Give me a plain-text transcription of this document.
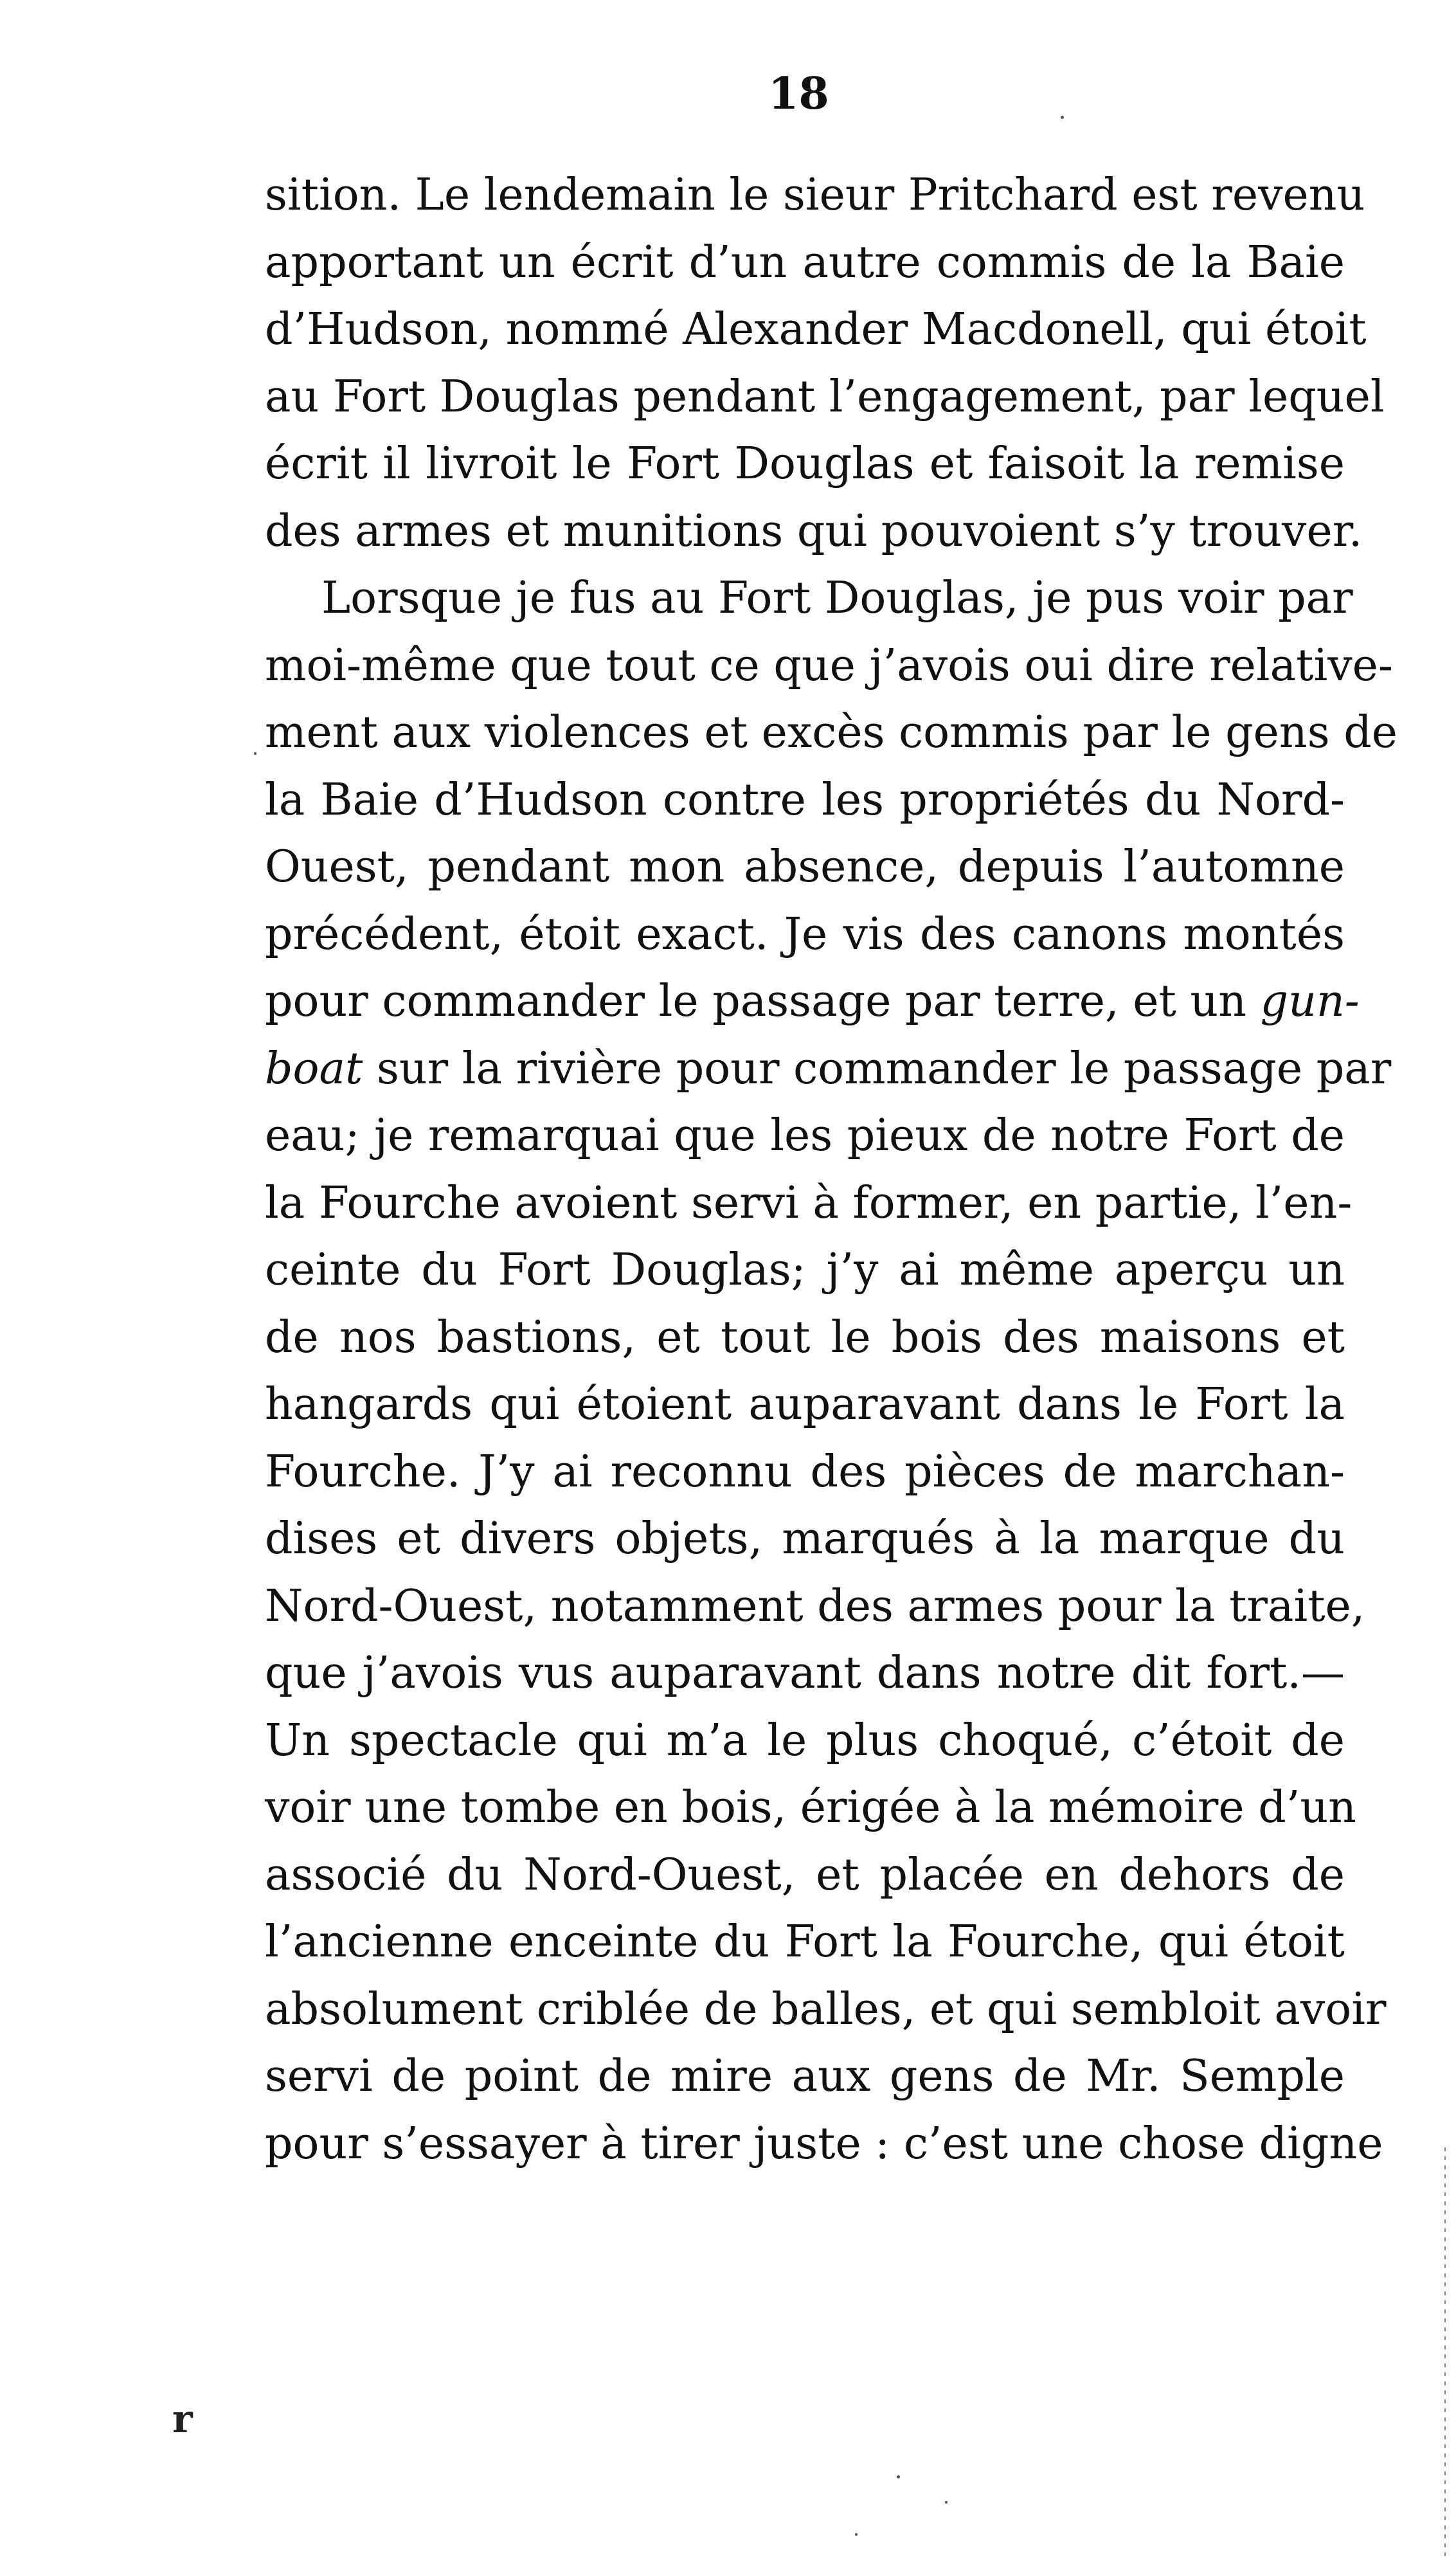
18
sition. Le lendemain le sieur Pritchard est revenu
apportant un écrit d’un autre commis de la Baie
d’Hudson, nommé Alexander Macdonell, qui étoit
au Fort Douglas pendant l’engagement, par lequel
écrit il livroit le Fort Douglas et faisoit la remise
des armes et munitions qui pouvoient s’y trouver.
Lorsque je fus au Fort Douglas, je pus voir par
moi-même que tout ce que j’avois oui dire relative-
ment aux violences et excès commis par le gens de
la Baie d’Hudson contre les propriétés du Nord-
Ouest, pendant mon absence, depuis l’automne
précédent, étoit exact. Je vis des canons montés
pour commander le passage par terre, et un gun-
boat sur la rivière pour commander le passage par
eau; je remarquai que les pieux de notre Fort de
la Fourche avoient servi à former, en partie, l’en-
ceinte du Fort Douglas; j’y ai même aperçu un
de nos bastions, et tout le bois des maisons et
hangards qui étoient auparavant dans le Fort la
Fourche. J’y ai reconnu des pièces de marchan-
dises et divers objets, marqués à la marque du
Nord-Ouest, notamment des armes pour la traite,
que j’avois vus auparavant dans notre dit fort.—
Un spectacle qui m’a le plus choqué, c’étoit de
voir une tombe en bois, érigée à la mémoire d’un
associé du Nord-Ouest, et placée en dehors de
l’ancienne enceinte du Fort la Fourche, qui étoit
absolument criblée de balles, et qui sembloit avoir
servi de point de mire aux gens de Mr. Semple
pour s’essayer à tirer juste : c’est une chose digne
r
